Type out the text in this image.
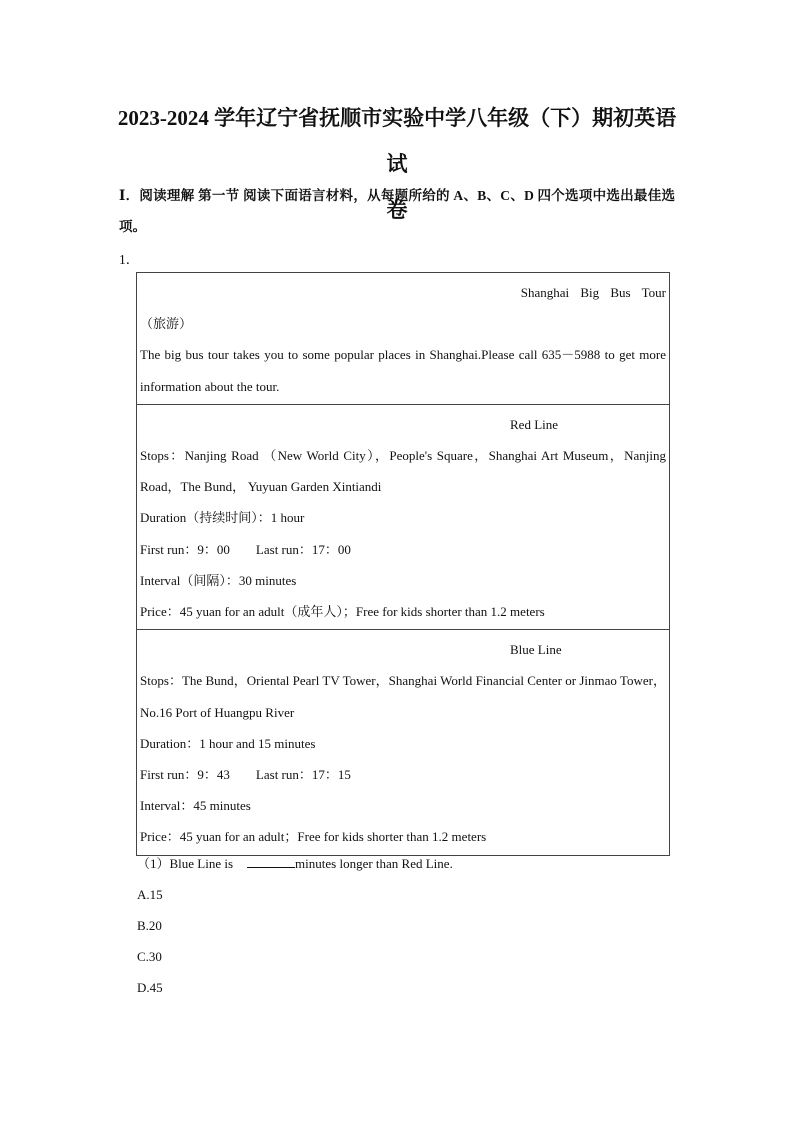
2023-2024 学年辽宁省抚顺市实验中学八年级（下）期初英语试
卷
Ⅰ．阅读理解 第一节 阅读下面语言材料，从每题所给的 A、B、C、D 四个选项中选出最佳选项。
1．
Shanghai Big Bus Tour
（旅游）
The big bus tour takes you to some popular places in Shanghai.Please call 635－5988 to get more information about the tour.
Red Line
Stops：Nanjing Road （New World City），People's Square，Shanghai Art Museum，Nanjing Road，The Bund， Yuyuan Garden Xintiandi
Duration（持续时间）：1 hour
First run：9：00　　Last run：17：00
Interval（间隔）：30 minutes
Price：45 yuan for an adult（成年人）；Free for kids shorter than 1.2 meters
Blue Line
Stops：The Bund，Oriental Pearl TV Tower，Shanghai World Financial Center or Jinmao Tower，No.16 Port of Huangpu River
Duration：1 hour and 15 minutes
First run：9：43　　Last run：17：15
Interval：45 minutes
Price：45 yuan for an adult；Free for kids shorter than 1.2 meters
（1）Blue Line is	minutes longer than Red Line.
A.15
B.20
C.30
D.45
